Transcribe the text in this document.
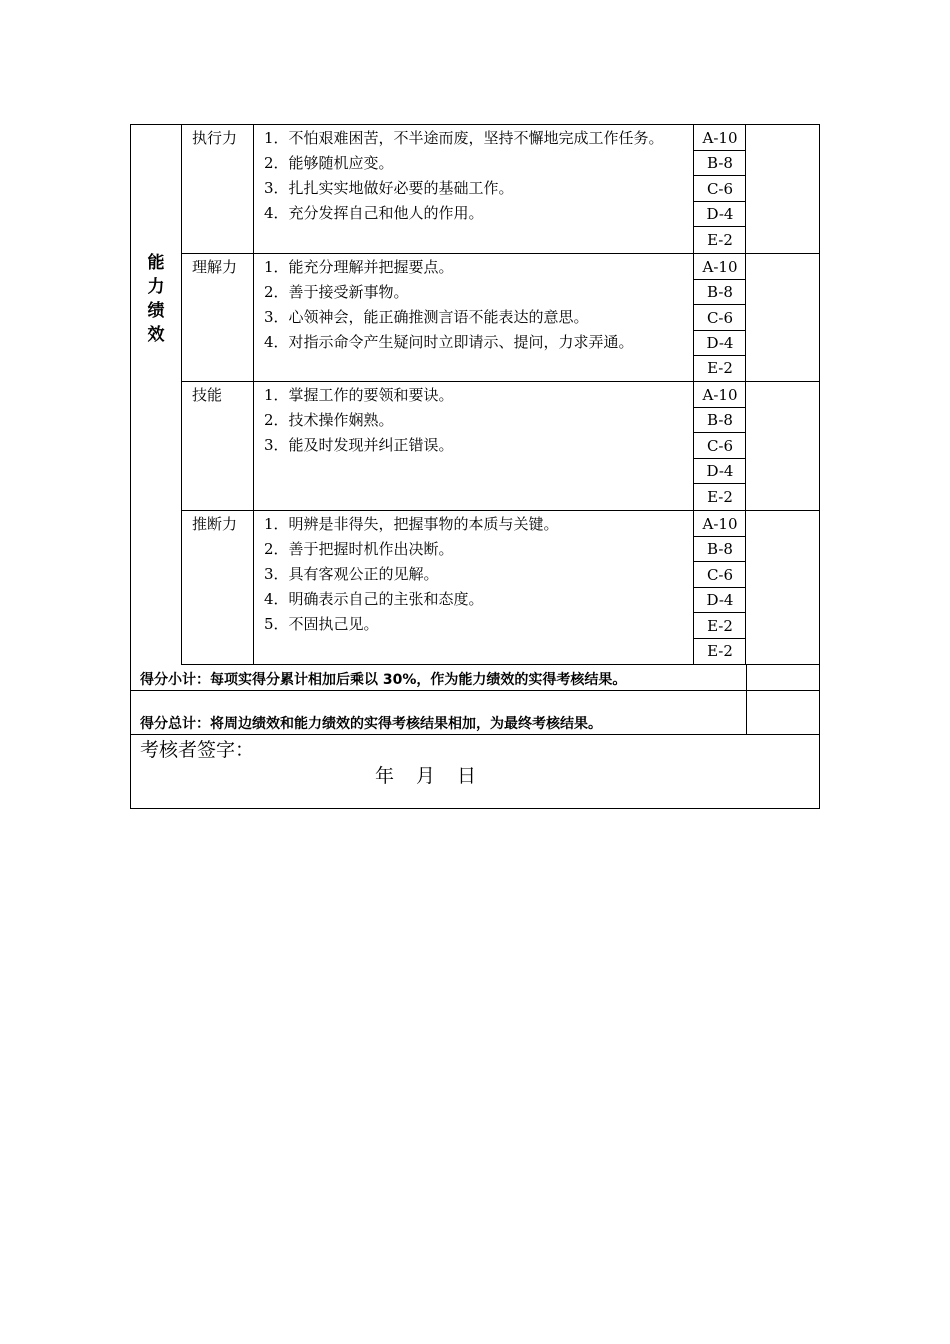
能力绩效
执行力	1．不怕艰难困苦，不半途而废，坚持不懈地完成工作任务。

2．能够随机应变。

3．扎扎实实地做好必要的基础工作。

4．充分发挥自己和他人的作用。

A-10
B-8
C-6
D-4
E-2
理解力	1．能充分理解并把握要点。

2．善于接受新事物。

3．心领神会，能正确推测言语不能表达的意思。

4．对指示命令产生疑问时立即请示、提问，力求弄通。

A-10
B-8
C-6
D-4
E-2
技能	1．掌握工作的要领和要诀。

2．技术操作娴熟。

3．能及时发现并纠正错误。

A-10
B-8
C-6
D-4
E-2
推断力	1．明辨是非得失，把握事物的本质与关键。

2．善于把握时机作出决断。

3．具有客观公正的见解。

4．明确表示自己的主张和态度。

5．不固执己见。

A-10
B-8
C-6
D-4
E-2
E-2
得分小计：每项实得分累计相加后乘以 30%，作为能力绩效的实得考核结果。
得分总计：将周边绩效和能力绩效的实得考核结果相加，为最终考核结果。
考核者签字：
年 月 日
